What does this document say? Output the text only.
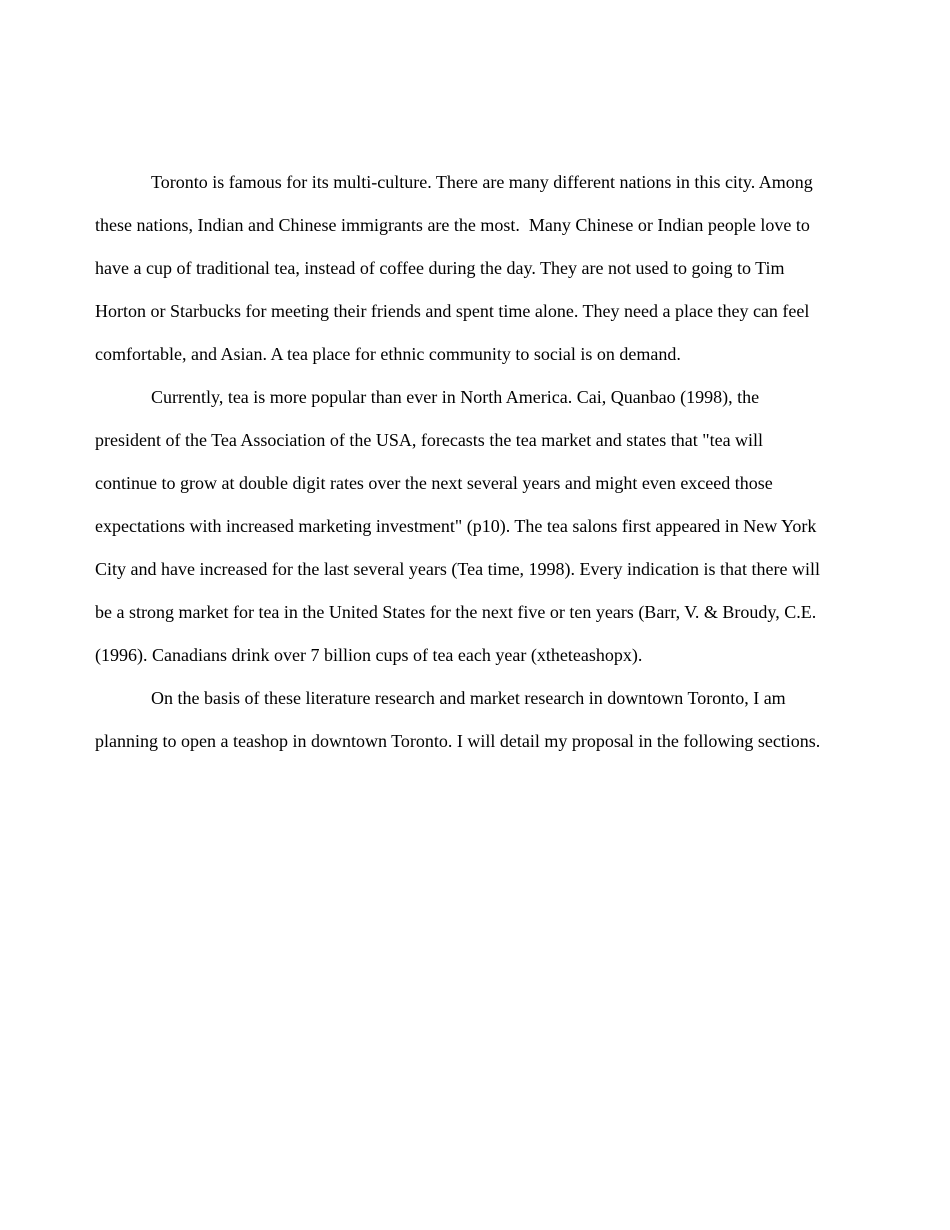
Toronto is famous for its multi-culture. There are many different nations in this city. Among
these nations, Indian and Chinese immigrants are the most.  Many Chinese or Indian people love to
have a cup of traditional tea, instead of coffee during the day. They are not used to going to Tim
Horton or Starbucks for meeting their friends and spent time alone. They need a place they can feel
comfortable, and Asian. A tea place for ethnic community to social is on demand.
Currently, tea is more popular than ever in North America. Cai, Quanbao (1998), the
president of the Tea Association of the USA, forecasts the tea market and states that "tea will
continue to grow at double digit rates over the next several years and might even exceed those
expectations with increased marketing investment" (p10). The tea salons first appeared in New York
City and have increased for the last several years (Tea time, 1998). Every indication is that there will
be a strong market for tea in the United States for the next five or ten years (Barr, V. & Broudy, C.E.
(1996). Canadians drink over 7 billion cups of tea each year (xtheteashopx).
On the basis of these literature research and market research in downtown Toronto, I am
planning to open a teashop in downtown Toronto. I will detail my proposal in the following sections.
